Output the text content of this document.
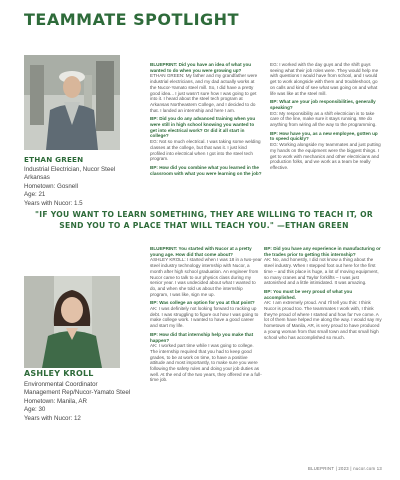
TEAMMATE SPOTLIGHT
ETHAN GREEN
Industrial Electrician, Nucor Steel Arkansas
Hometown: Gosnell
Age: 21
Years with Nucor: 1.5
BLUEPRINT: Did you have an idea of what you wanted to do when you were growing up?
ETHAN GREEN: My father and my grandfather were industrial electricians, and my dad actually works at the Nucor-Yamato steel mill. So, I did have a pretty good idea... I just wasn't sure how I was going to get into it. I heard about the steel tech program at Arkansas Northeastern College, and I decided to do that. I landed an internship and here I am.
BP: Did you do any advanced training when you were still in high school knowing you wanted to get into electrical work? Or did it all start in college?
EG: Not so much electrical. I was taking some welding classes at the college, but that was it. I just kind profiled into electrical when I got into the steel tech program.
BP: How did you combine what you learned in the classroom with what you were learning on the job?
EG: I worked with the day guys and the shift guys seeing what their job roles were. They would help me with questions I would have from school, and I would get to work alongside with them and troubleshoot, go on calls and kind of see what was going on and what life was like at the steel mill.
BP: What are your job responsibilities, generally speaking?
EG: My responsibility as a shift electrician is to take care of the line, make sure it stays running. We do anything from wiring all the way to the programming.
BP: How have you, as a new employee, gotten up to speed quickly?
EG: Working alongside my teammates and just putting my hands on the equipment were the biggest things. I get to work with mechanics and other electricians and production folks, and we work as a team be really effective.
"IF YOU WANT TO LEARN SOMETHING, THEY ARE WILLING TO TEACH IT, OR SEND YOU TO A PLACE THAT WILL TEACH YOU." —ETHAN GREEN
ASHLEY KROLL
Environmental Coordinator
Management Rep/Nucor-Yamato Steel
Hometown: Manila, AR
Age: 30
Years with Nucor: 12
BLUEPRINT: You started with Nucor at a pretty young age. How did that come about?
ASHLEY KROLL: I started when I was 18 in a two-year steel industry technology internship with Nucor, a month after high school graduation. An engineer from Nucor came to talk to our physics class during my senior year. I was undecided about what I wanted to do, and when she told us about the internship program, I was like, sign me up.
BP: Was college an option for you at that point?
AK: I was definitely not looking forward to racking up debt. I was struggling to figure out how I was going to make college work. I wanted to have a good career and start my life.
BP: How did that internship help you make that happen?
AK: I worked part time while I was going to college. The internship required that you had to keep good grades, to be at work on time, to have a positive attitude and most importantly, to make sure you were following the safety rules and doing your job duties as well. At the end of the two years, they offered me a full-time job.
BP: Did you have any experience in manufacturing or the trades prior to getting this internship?
AK: No, and honestly, I did not know a thing about the steel industry. When I stepped foot out here for the first time – and this place is huge, a lot of moving equipment, so many cranes and Taylor forklifts – I was just astonished and a little intimidated. It was amazing.
BP: You must be very proud of what you accomplished.
AK: I am extremely proud. And I'll tell you this: I think Nucor is proud too. The teammates I work with, I think they're proud of where I started and how far I've come. A lot of them have helped me along the way. I would say my hometown of Manila, AR, is very proud to have produced a young woman from that small town and that small high school who has accomplished so much.
BLUEPRINT | 2023 | nucor.com 13
